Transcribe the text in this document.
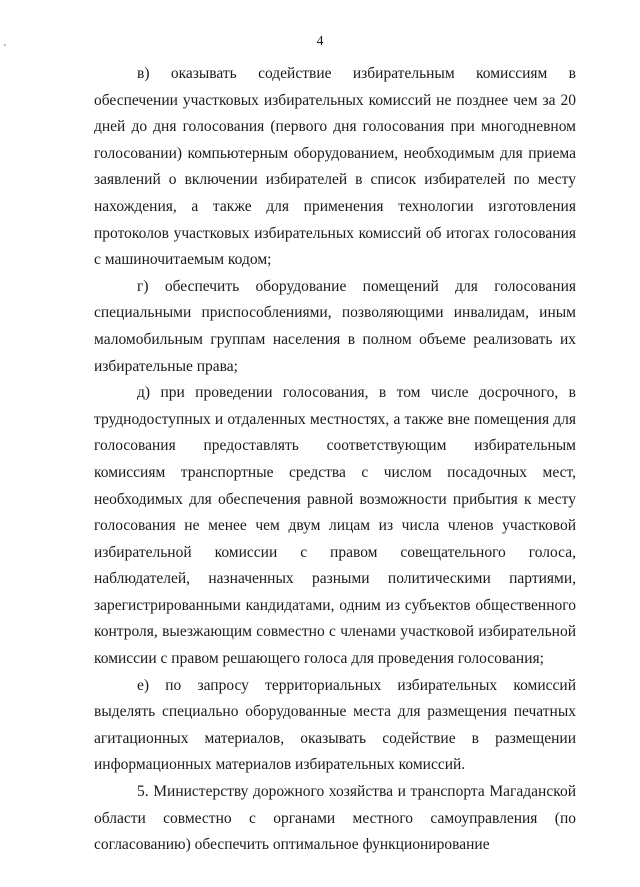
4

в) оказывать содействие избирательным комиссиям в обеспечении участковых избирательных комиссий не позднее чем за 20 дней до дня голосования (первого дня голосования при многодневном голосовании) компьютерным оборудованием, необходимым для приема заявлений о включении избирателей в список избирателей по месту нахождения, а также для применения технологии изготовления протоколов участковых избирательных комиссий об итогах голосования с машиночитаемым кодом;

г) обеспечить оборудование помещений для голосования специальными приспособлениями, позволяющими инвалидам, иным маломобильным группам населения в полном объеме реализовать их избирательные права;

д) при проведении голосования, в том числе досрочного, в труднодоступных и отдаленных местностях, а также вне помещения для голосования предоставлять соответствующим избирательным комиссиям транспортные средства с числом посадочных мест, необходимых для обеспечения равной возможности прибытия к месту голосования не менее чем двум лицам из числа членов участковой избирательной комиссии с правом совещательного голоса, наблюдателей, назначенных разными политическими партиями, зарегистрированными кандидатами, одним из субъектов общественного контроля, выезжающим совместно с членами участковой избирательной комиссии с правом решающего голоса для проведения голосования;

е) по запросу территориальных избирательных комиссий выделять специально оборудованные места для размещения печатных агитационных материалов, оказывать содействие в размещении информационных материалов избирательных комиссий.

5. Министерству дорожного хозяйства и транспорта Магаданской области совместно с органами местного самоуправления (по согласованию) обеспечить оптимальное функционирование
